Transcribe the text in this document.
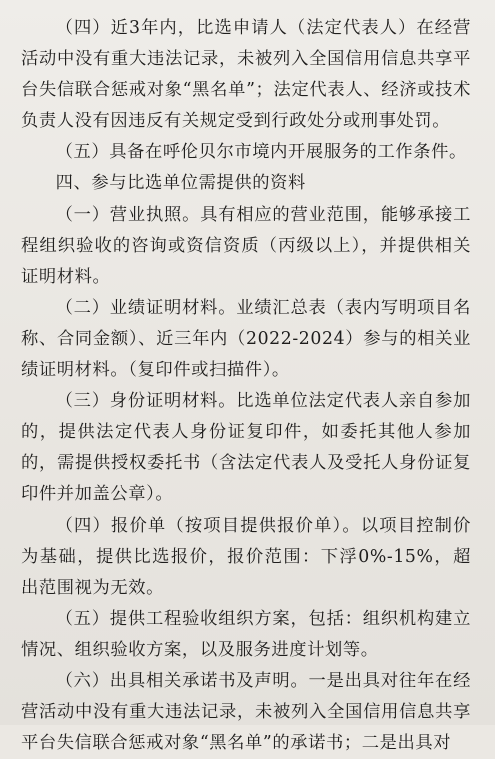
（四）近3年内，比选申请人（法定代表人）在经营活动中没有重大违法记录，未被列入全国信用信息共享平台失信联合惩戒对象“黑名单”；法定代表人、经济或技术负责人没有因违反有关规定受到行政处分或刑事处罚。

（五）具备在呼伦贝尔市境内开展服务的工作条件。

四、参与比选单位需提供的资料

（一）营业执照。具有相应的营业范围，能够承接工程组织验收的咨询或资信资质（丙级以上），并提供相关证明材料。

（二）业绩证明材料。业绩汇总表（表内写明项目名称、合同金额）、近三年内（2022-2024）参与的相关业绩证明材料。（复印件或扫描件）。

（三）身份证明材料。比选单位法定代表人亲自参加的，提供法定代表人身份证复印件，如委托其他人参加的，需提供授权委托书（含法定代表人及受托人身份证复印件并加盖公章）。

（四）报价单（按项目提供报价单）。以项目控制价为基础，提供比选报价，报价范围：下浮0%-15%，超出范围视为无效。

（五）提供工程验收组织方案，包括：组织机构建立情况、组织验收方案，以及服务进度计划等。

（六）出具相关承诺书及声明。一是出具对往年在经营活动中没有重大违法记录，未被列入全国信用信息共享平台失信联合惩戒对象“黑名单”的承诺书；二是出具对
